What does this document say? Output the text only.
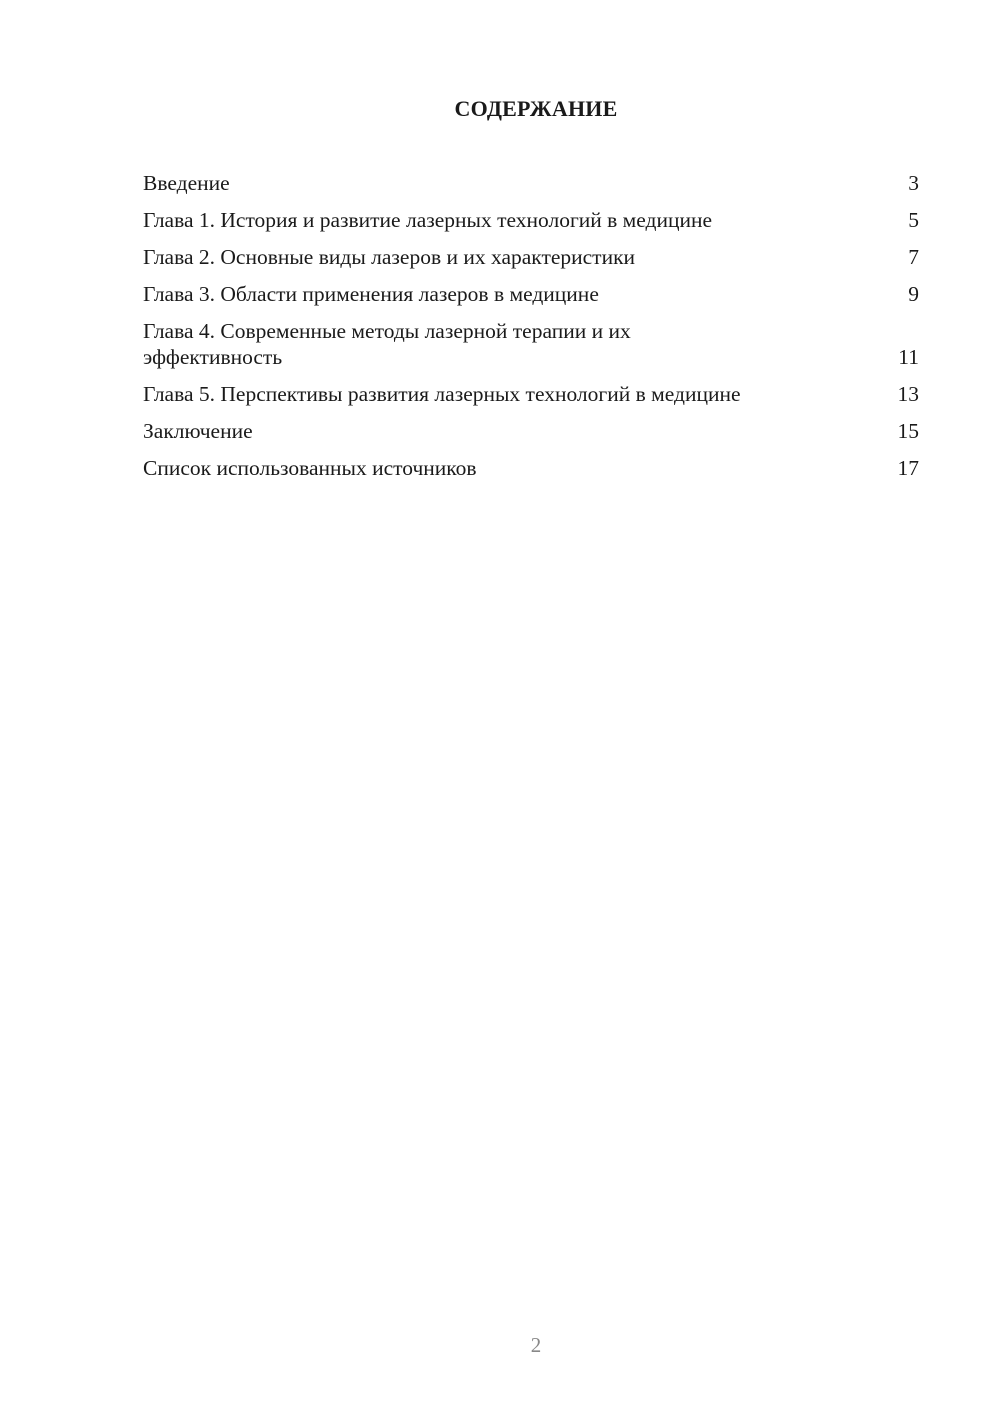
СОДЕРЖАНИЕ
Введение	3
Глава 1. История и развитие лазерных технологий в медицине	5
Глава 2. Основные виды лазеров и их характеристики	7
Глава 3. Области применения лазеров в медицине	9
Глава 4. Современные методы лазерной терапии и их эффективность	11
Глава 5. Перспективы развития лазерных технологий в медицине	13
Заключение	15
Список использованных источников	17
2
